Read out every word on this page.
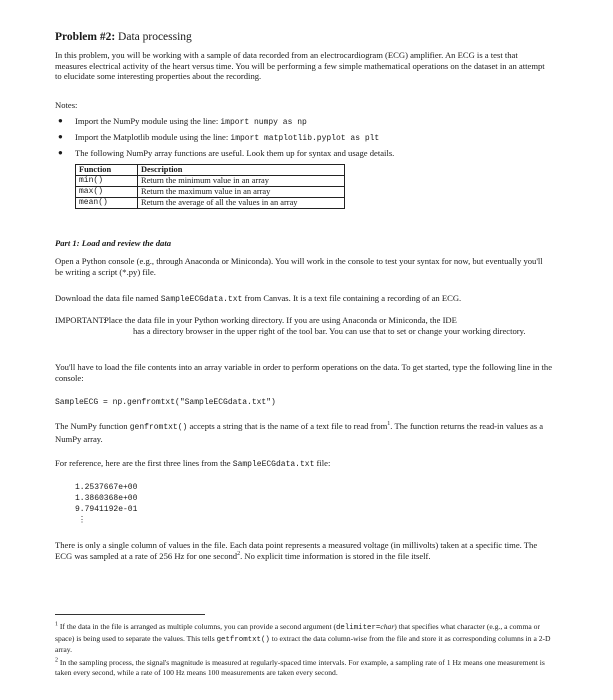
Problem #2: Data processing

In this problem, you will be working with a sample of data recorded from an electrocardiogram (ECG) amplifier. An ECG is a test that measures electrical activity of the heart versus time. You will be performing a few simple mathematical operations on the dataset in an attempt to elucidate some interesting properties about the recording.

Notes:

● Import the NumPy module using the line: import numpy as np
● Import the Matplotlib module using the line: import matplotlib.pyplot as plt
● The following NumPy array functions are useful. Look them up for syntax and usage details.
Function	Description
min()	Return the minimum value in an array
max()	Return the maximum value in an array
mean()	Return the average of all the values in an array

Part 1: Load and review the data

Open a Python console (e.g., through Anaconda or Miniconda). You will work in the console to test your syntax for now, but eventually you'll be writing a script (*.py) file.

Download the data file named SampleECGdata.txt from Canvas. It is a text file containing a recording of an ECG.

IMPORTANT:
Place the data file in your Python working directory. If you are using Anaconda or Miniconda, the IDE
has a directory browser in the upper right of the tool bar. You can use that to set or change your working directory.

You'll have to load the file contents into an array variable in order to perform operations on the data. To get started, type the following line in the console:

SampleECG = np.genfromtxt("SampleECGdata.txt")

The NumPy function genfromtxt() accepts a string that is the name of a text file to read from$^1$. The function returns the read-in values as a NumPy array.

For reference, here are the first three lines from the SampleECGdata.txt file:

1.2537667e+00
1.3860368e+00
9.7941192e-01
⋮

There is only a single column of values in the file. Each data point represents a measured voltage (in millivolts) taken at a specific time. The ECG was sampled at a rate of 256 Hz for one second$^2$. No explicit time information is stored in the file itself.

$^1$ If the data in the file is arranged as multiple columns, you can provide a second argument (delimiter=char) that specifies what character (e.g., a comma or space) is being used to separate the values. This tells getfromtxt() to extract the data column-wise from the file and store it as corresponding columns in a 2-D array.

$^2$ In the sampling process, the signal's magnitude is measured at regularly-spaced time intervals. For example, a sampling rate of 1 Hz means one measurement is taken every second, while a rate of 100 Hz means 100 measurements are taken every second.
